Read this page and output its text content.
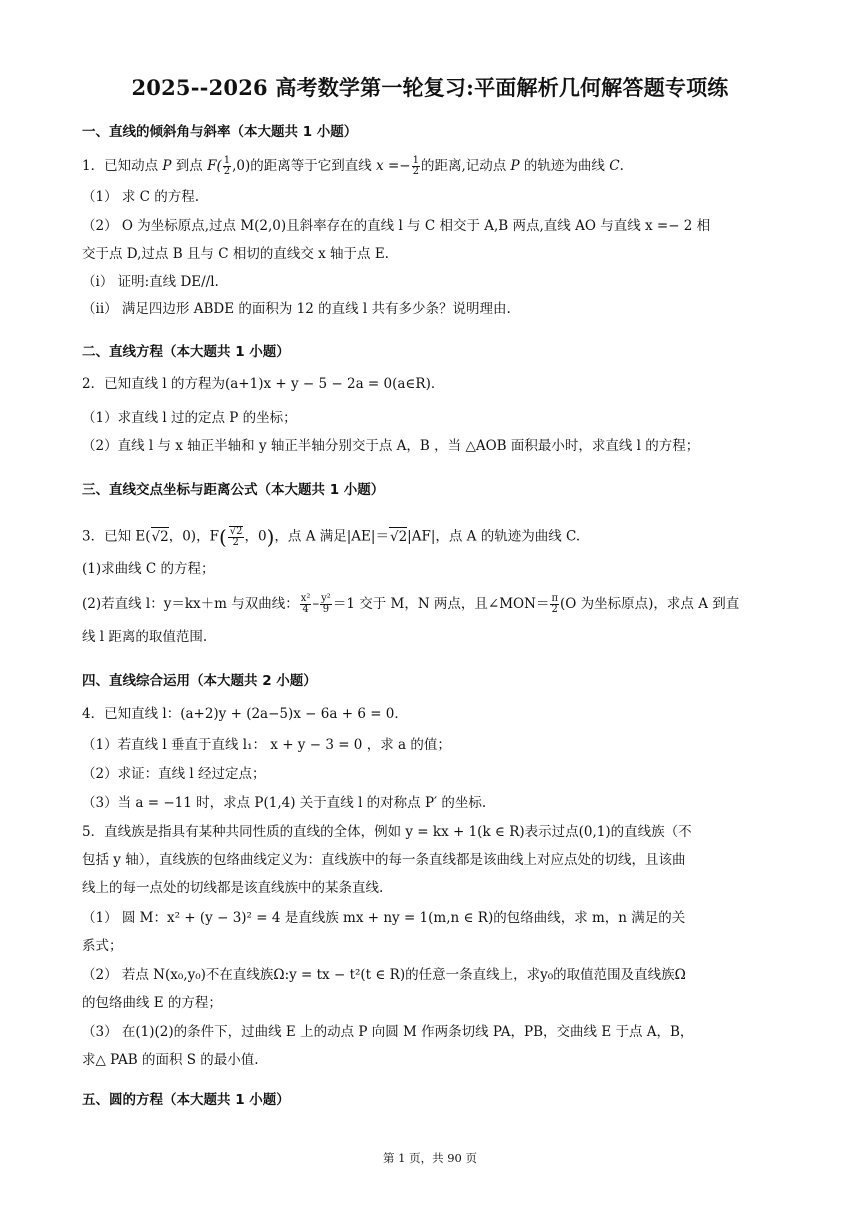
2025--2026 高考数学第一轮复习:平面解析几何解答题专项练
一、直线的倾斜角与斜率（本大题共 1 小题）
1．已知动点 P 到点 $F( \frac{1}{2} ,0)$的距离等于它到直线 $x =- \frac{1}{2}$ 的距离,记动点 P 的轨迹为曲线 C.
（1） 求 C 的方程.
（2） O 为坐标原点,过点 M(2,0)且斜率存在的直线 l 与 C 相交于 A,B 两点,直线 AO 与直线 x =− 2 相
交于点 D,过点 B 且与 C 相切的直线交 x 轴于点 E.
（i） 证明:直线 DE//l.
（ii） 满足四边形 ABDE 的面积为 12 的直线 l 共有多少条？说明理由.
二、直线方程（本大题共 1 小题）
2．已知直线 l 的方程为(a+1)x + y − 5 − 2a = 0(a∈R)．
（1）求直线 l 过的定点 P 的坐标；
（2）直线 l 与 x 轴正半轴和 y 轴正半轴分别交于点 A，B ，当 △AOB 面积最小时，求直线 l 的方程；
三、直线交点坐标与距离公式（本大题共 1 小题）
3．已知 E(√2，0)，$F( \frac{√2}{2}$ ，0)，点 A 满足|AE|＝√2|AF|，点 A 的轨迹为曲线 C.
(1)求曲线 C 的方程；
(2)若直线 l：y＝kx＋m 与双曲线： $\frac{\text{x²}}{4} - \frac{\text{y²}}{9} =1$ 交于 M，N 两点，且∠MON＝ $\frac{\pi}{2} (O$ 为坐标原点)，求点 A 到直
线 l 距离的取值范围.
四、直线综合运用（本大题共 2 小题）
4．已知直线 l：(a+2)y + (2a−5)x − 6a + 6 = 0．
（1）若直线 l 垂直于直线 l₁： x + y − 3 = 0 ，求 a 的值；
（2）求证：直线 l 经过定点；
（3）当 a = −11 时，求点 P(1,4) 关于直线 l 的对称点 P′ 的坐标.
5．直线族是指具有某种共同性质的直线的全体，例如 y = kx + 1(k ∈ R)表示过点(0,1)的直线族（不
包括 y 轴），直线族的包络曲线定义为：直线族中的每一条直线都是该曲线上对应点处的切线，且该曲
线上的每一点处的切线都是该直线族中的某条直线.
（1） 圆 M：x² + (y − 3)² = 4 是直线族 mx + ny = 1(m,n ∈ R)的包络曲线，求 m，n 满足的关
系式；
（2） 若点 N(x₀,y₀)不在直线族Ω:y = tx − t²(t ∈ R)的任意一条直线上，求y₀的取值范围及直线族Ω
的包络曲线 E 的方程；
（3） 在(1)(2)的条件下，过曲线 E 上的动点 P 向圆 M 作两条切线 PA，PB，交曲线 E 于点 A，B，
求△ PAB 的面积 S 的最小值.
五、圆的方程（本大题共 1 小题）
第 1 页，共 90 页
